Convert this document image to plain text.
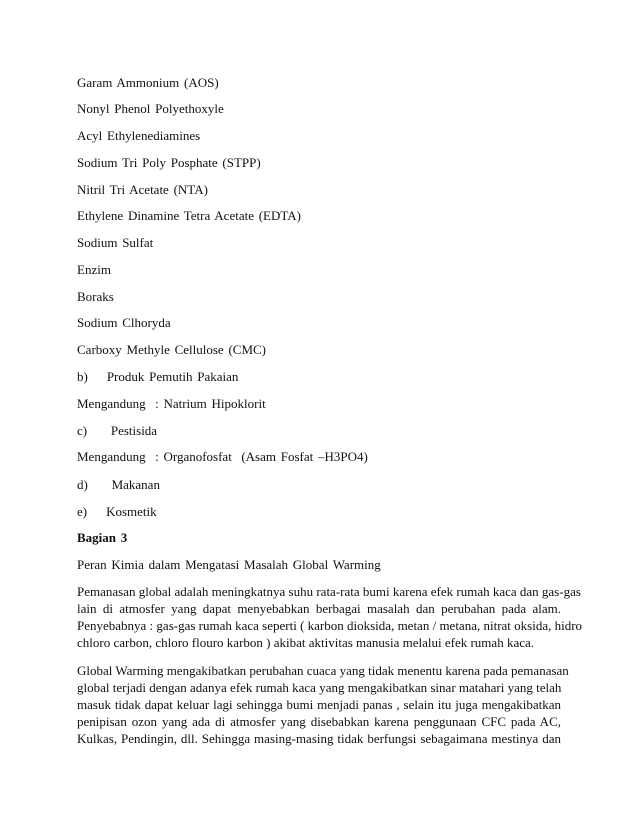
Garam Ammonium (AOS)
Nonyl Phenol Polyethoxyle
Acyl Ethylenediamines
Sodium Tri Poly Posphate (STPP)
Nitril Tri Acetate (NTA)
Ethylene Dinamine Tetra Acetate (EDTA)
Sodium Sulfat
Enzim
Boraks
Sodium Clhoryda
Carboxy Methyle Cellulose (CMC)
b)    Produk Pemutih Pakaian
Mengandung  : Natrium Hipoklorit
c)     Pestisida
Mengandung  : Organofosfat  (Asam Fosfat –H3PO4)
d)     Makanan
e)    Kosmetik
Bagian 3
Peran Kimia dalam Mengatasi Masalah Global Warming
Pemanasan global adalah meningkatnya suhu rata-rata bumi karena efek rumah kaca dan gas-gas
lain di atmosfer yang dapat menyebabkan berbagai masalah dan perubahan pada alam.
Penyebabnya : gas-gas rumah kaca seperti ( karbon dioksida, metan / metana, nitrat oksida, hidro
chloro carbon, chloro flouro karbon ) akibat aktivitas manusia melalui efek rumah kaca.
Global Warming mengakibatkan perubahan cuaca yang tidak menentu karena pada pemanasan
global terjadi dengan adanya efek rumah kaca yang mengakibatkan sinar matahari yang telah
masuk tidak dapat keluar lagi sehingga bumi menjadi panas , selain itu juga mengakibatkan
penipisan ozon yang ada di atmosfer yang disebabkan karena penggunaan CFC pada AC,
Kulkas, Pendingin, dll. Sehingga masing-masing tidak berfungsi sebagaimana mestinya dan
